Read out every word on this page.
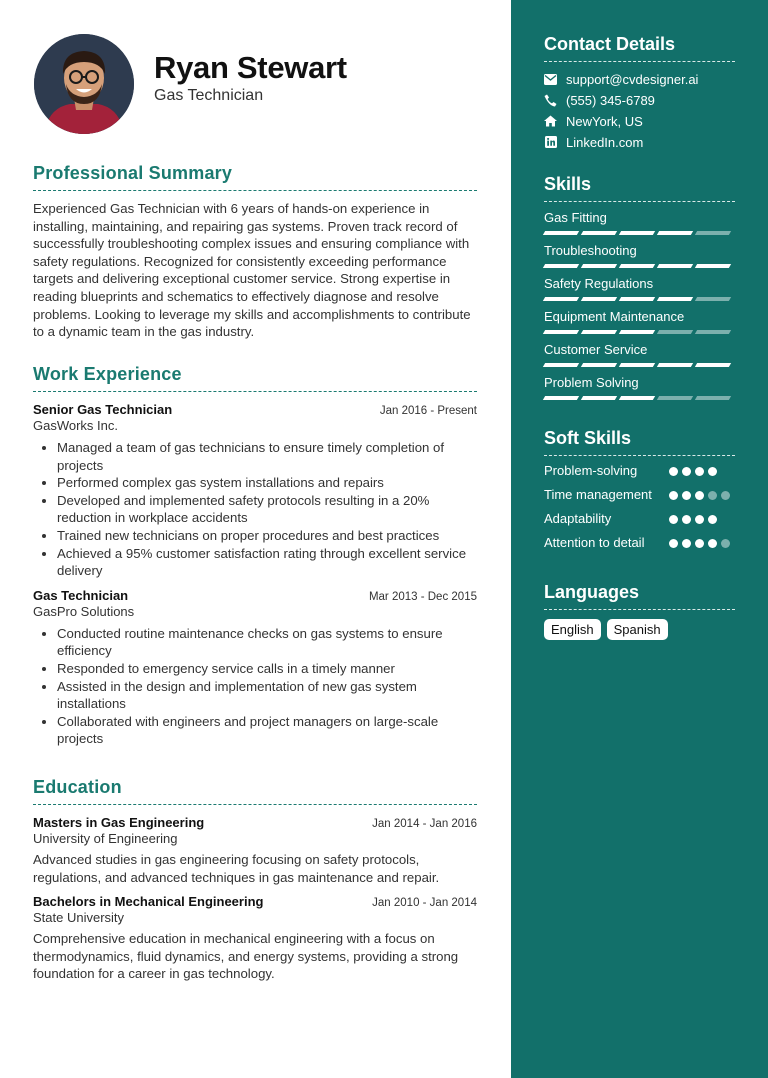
Ryan Stewart
Gas Technician
Professional Summary
Experienced Gas Technician with 6 years of hands-on experience in installing, maintaining, and repairing gas systems. Proven track record of successfully troubleshooting complex issues and ensuring compliance with safety regulations. Recognized for consistently exceeding performance targets and delivering exceptional customer service. Strong expertise in reading blueprints and schematics to effectively diagnose and resolve problems. Looking to leverage my skills and accomplishments to contribute to a dynamic team in the gas industry.
Work Experience
Senior Gas Technician	Jan 2016 - Present
GasWorks Inc.
• Managed a team of gas technicians to ensure timely completion of projects
• Performed complex gas system installations and repairs
• Developed and implemented safety protocols resulting in a 20% reduction in workplace accidents
• Trained new technicians on proper procedures and best practices
• Achieved a 95% customer satisfaction rating through excellent service delivery
Gas Technician	Mar 2013 - Dec 2015
GasPro Solutions
• Conducted routine maintenance checks on gas systems to ensure efficiency
• Responded to emergency service calls in a timely manner
• Assisted in the design and implementation of new gas system installations
• Collaborated with engineers and project managers on large-scale projects
Education
Masters in Gas Engineering	Jan 2014 - Jan 2016
University of Engineering
Advanced studies in gas engineering focusing on safety protocols, regulations, and advanced techniques in gas maintenance and repair.
Bachelors in Mechanical Engineering	Jan 2010 - Jan 2014
State University
Comprehensive education in mechanical engineering with a focus on thermodynamics, fluid dynamics, and energy systems, providing a strong foundation for a career in gas technology.
Contact Details
support@cvdesigner.ai
(555) 345-6789
NewYork, US
LinkedIn.com
Skills
Gas Fitting
Troubleshooting
Safety Regulations
Equipment Maintenance
Customer Service
Problem Solving
Soft Skills
Problem-solving
Time management
Adaptability
Attention to detail
Languages
English	Spanish
